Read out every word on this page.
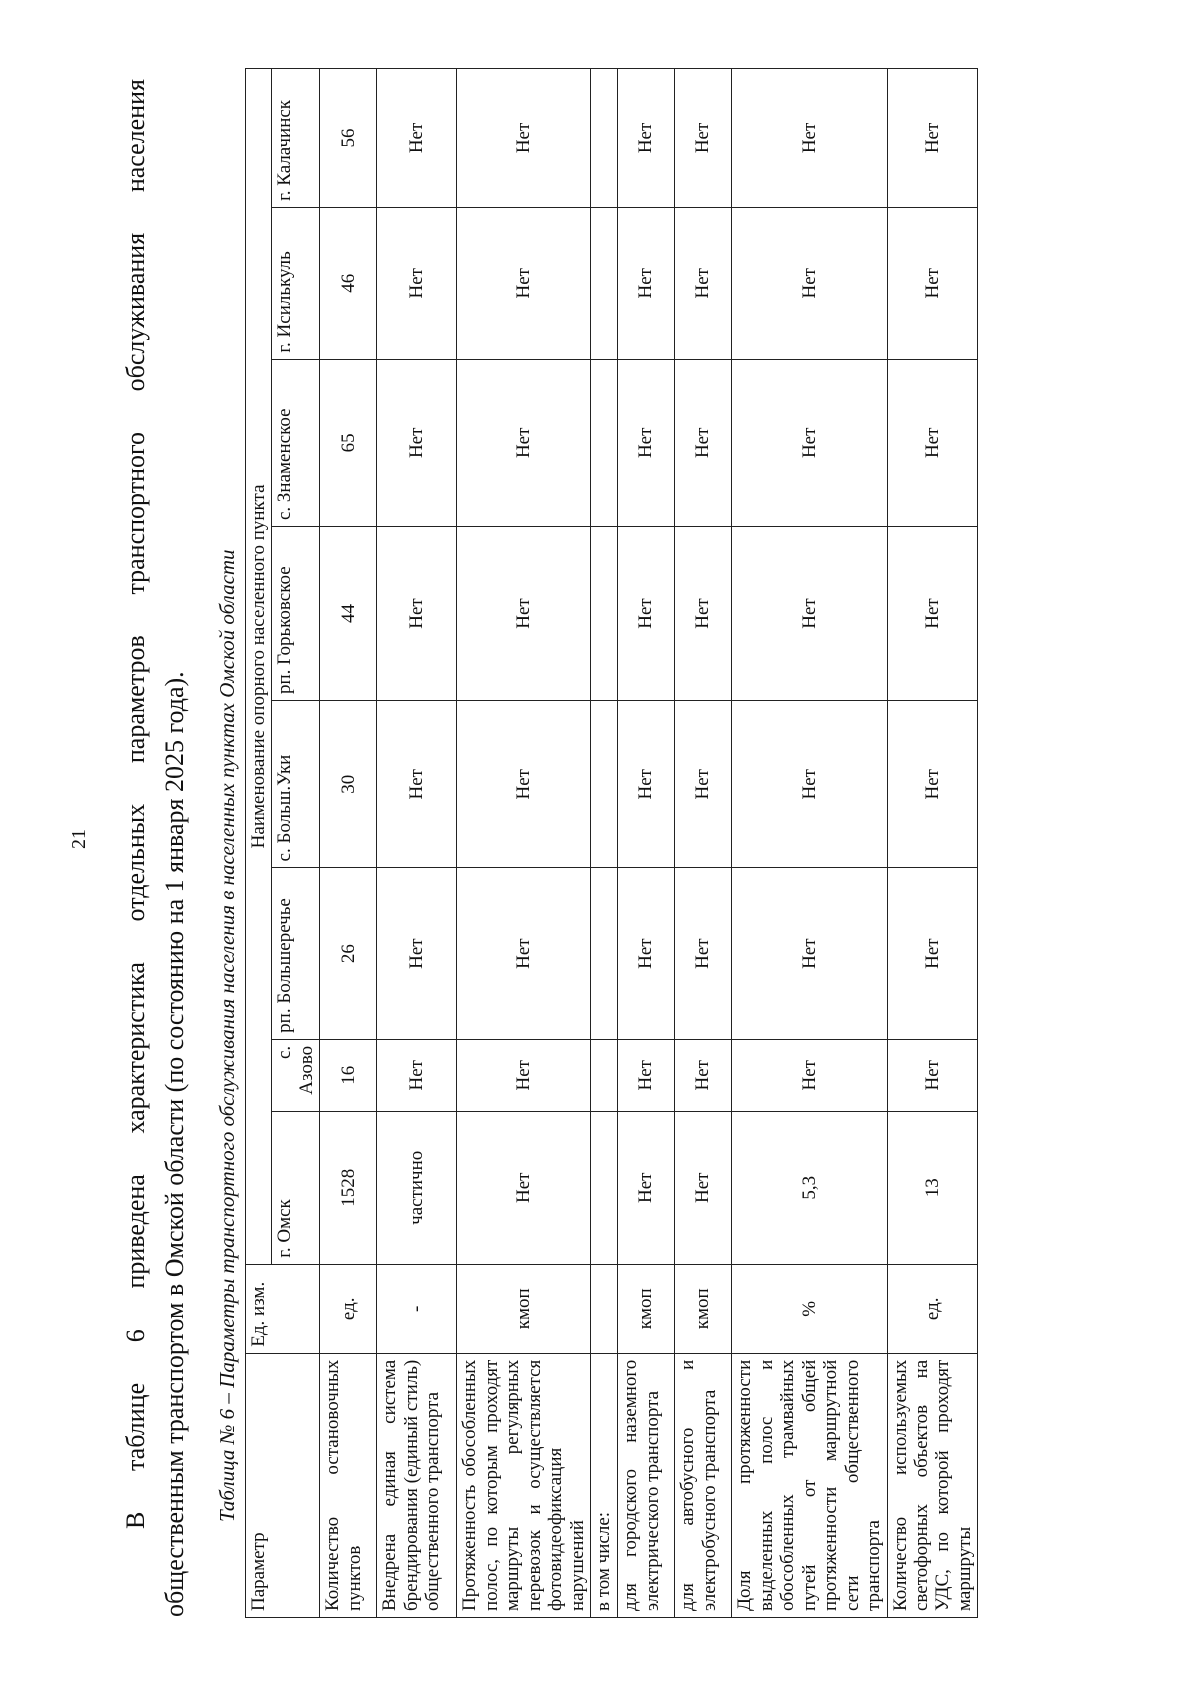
21 В таблице 6 приведена характеристика отдельных параметров транспортного обслуживания населения общественным транспортом в Омской области (по состоянию на 1 января 2025 года). Таблица № 6 – Параметры транспортного обслуживания населения в населенных пунктах Омской области
Параметр	Ед. изм.	Наименование опорного населенного пункта							
		г. Омск	с. Азово	рп. Большеречье	с. Больш.Уки	рп. Горьковское	с. Знаменское	г. Исилькуль	г. Калачинск
Количество остановочных пунктов	ед.	1528	16	26	30	44	65	46	56
Внедрена единая система брендирования (единый стиль) общественного транспорта	-	частично	Нет	Нет	Нет	Нет	Нет	Нет	Нет
Протяженность обособленных полос, по которым проходят маршруты регулярных перевозок и осуществляется фотовидеофиксация нарушений	кмоп	Нет	Нет	Нет	Нет	Нет	Нет	Нет	Нет
в том числе:									
для городского наземного электрического транспорта	кмоп	Нет	Нет	Нет	Нет	Нет	Нет	Нет	Нет
для автобусного и электробусного транспорта	кмоп	Нет	Нет	Нет	Нет	Нет	Нет	Нет	Нет
Доля протяженности выделенных полос и обособленных трамвайных путей от общей протяженности маршрутной сети общественного транспорта	%	5,3	Нет	Нет	Нет	Нет	Нет	Нет	Нет
Количество используемых светофорных объектов на УДС, по которой проходят маршруты	ед.	13	Нет	Нет	Нет	Нет	Нет	Нет	Нет
